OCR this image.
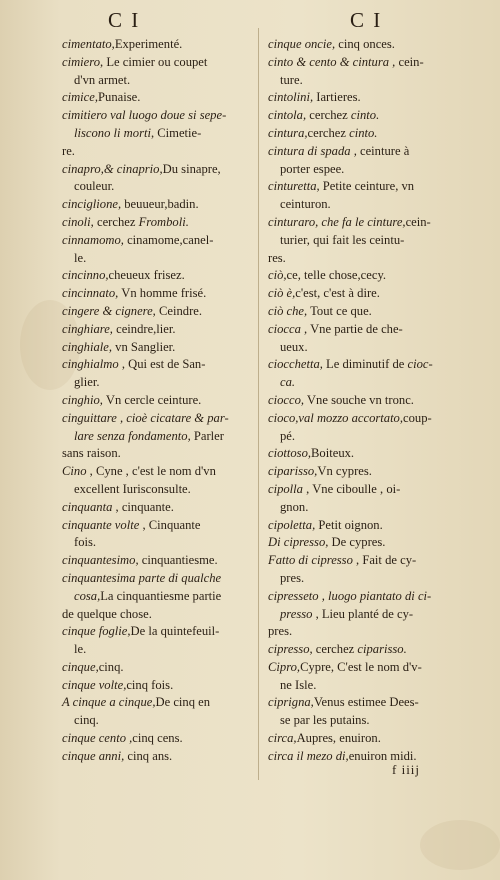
C I	C I
cimentato,Experimenté.
cimiero, Le cimier ou coupet
d'vn armet.
cimice,Punaise.
cimitiero val luogo doue si sepe-
liscono li morti, Cimetie-
re.
cinapro,& cinaprio,Du sinapre,
couleur.
cinciglione, beuueur,badin.
cinoli, cerchez Fromboli.
cinnamomo, cinamome,canel-
le.
cincinno,cheueux frisez.
cincinnato, Vn homme frisé.
cingere & cignere, Ceindre.
cinghiare, ceindre,lier.
cinghiale, vn Sanglier.
cinghialmo , Qui est de San-
glier.
cinghio, Vn cercle ceinture.
cinguittare , cioè cicatare & par-
lare senza fondamento, Parler
sans raison.
Cino , Cyne , c'est le nom d'vn
excellent Iurisconsulte.
cinquanta , cinquante.
cinquante volte , Cinquante
fois.
cinquantesimo, cinquantiesme.
cinquantesima parte di qualche
cosa,La cinquantiesme partie
de quelque chose.
cinque foglie,De la quintefeuil-
le.
cinque,cinq.
cinque volte,cinq fois.
A cinque a cinque,De cinq en
cinq.
cinque cento ,cinq cens.
cinque anni, cinq ans.
cinque oncie, cinq onces.
cinto & cento & cintura , cein-
ture.
cintolini, Iartieres.
cintola, cerchez cinto.
cintura,cerchez cinto.
cintura di spada , ceinture à
porter espee.
cinturetta, Petite ceinture, vn
ceinturon.
cinturaro, che fa le cinture,cein-
turier, qui fait les ceintu-
res.
ciò,ce, telle chose,cecy.
ciò è,c'est, c'est à dire.
ciò che, Tout ce que.
ciocca , Vne partie de che-
ueux.
ciocchetta, Le diminutif de cioc-
ca.
ciocco, Vne souche vn tronc.
cioco,val mozzo accortato,coup-
pé.
ciottoso,Boiteux.
ciparisso,Vn cypres.
cipolla , Vne ciboulle , oi-
gnon.
cipoletta, Petit oignon.
Di cipresso, De cypres.
Fatto di cipresso , Fait de cy-
pres.
cipresseto , luogo piantato di ci-
presso , Lieu planté de cy-
pres.
cipresso, cerchez ciparisso.
Cipro,Cypre, C'est le nom d'v-
ne Isle.
ciprigna,Venus estimee Dees-
se par les putains.
circa,Aupres, enuiron.
circa il mezo di,enuiron midi.
f iiij
